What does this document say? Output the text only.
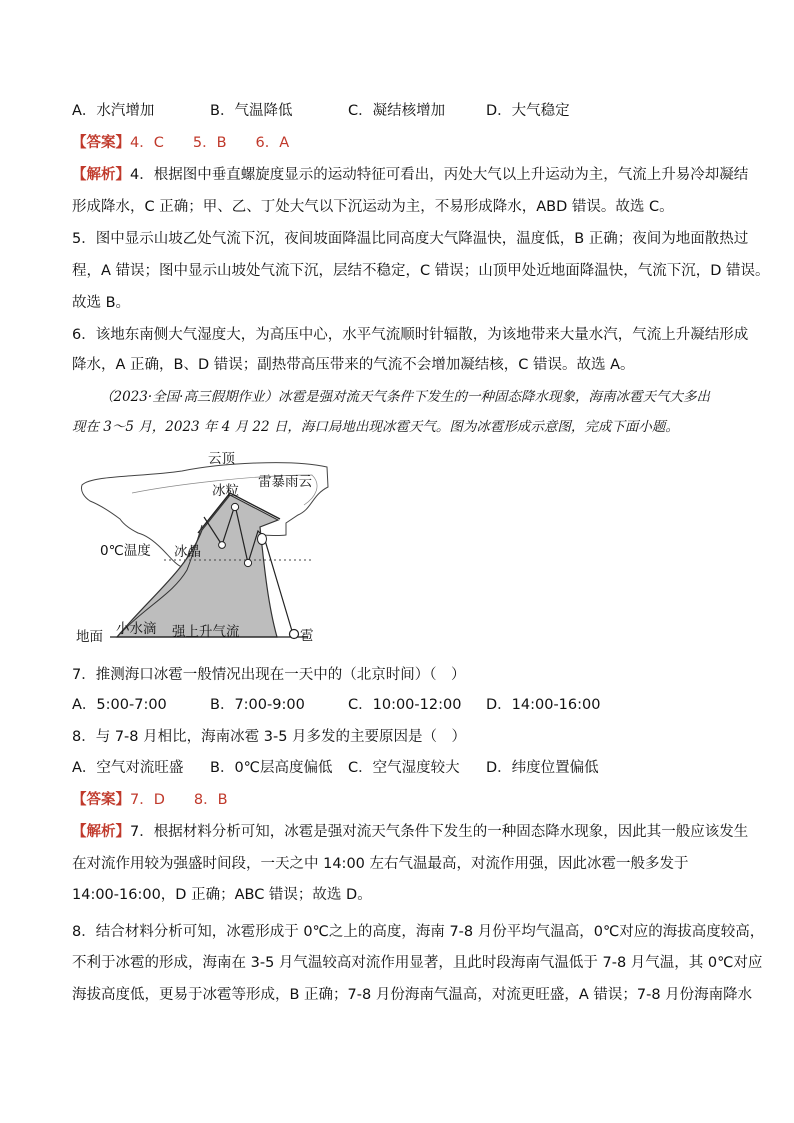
A．水汽增加	B．气温降低	C．凝结核增加	D．大气稳定
【答案】4．C　　5．B　　6．A
【解析】4．根据图中垂直螺旋度显示的运动特征可看出，丙处大气以上升运动为主，气流上升易冷却凝结
形成降水，C 正确；甲、乙、丁处大气以下沉运动为主，不易形成降水，ABD 错误。故选 C。
5．图中显示山坡乙处气流下沉，夜间坡面降温比同高度大气降温快，温度低，B 正确；夜间为地面散热过
程，A 错误；图中显示山坡处气流下沉，层结不稳定，C 错误；山顶甲处近地面降温快，气流下沉，D 错误。
故选 B。
6．该地东南侧大气湿度大，为高压中心，水平气流顺时针辐散，为该地带来大量水汽，气流上升凝结形成
降水，A 正确，B、D 错误；副热带高压带来的气流不会增加凝结核，C 错误。故选 A。
（2023·全国·高三假期作业）冰雹是强对流天气条件下发生的一种固态降水现象，海南冰雹天气大多出
现在 3～5 月，2023 年 4 月 22 日，海口局地出现冰雹天气。图为冰雹形成示意图，完成下面小题。
云顶
冰粒
雷暴雨云
0℃温度 冰晶
地面 小水滴 强上升气流	雹
7．推测海口冰雹一般情况出现在一天中的（北京时间）（　）
A．5:00-7:00	B．7:00-9:00	C．10:00-12:00 D．14:00-16:00
8．与 7-8 月相比，海南冰雹 3-5 月多发的主要原因是（　）
A．空气对流旺盛 B．0℃层高度偏低 C．空气湿度较大 D．纬度位置偏低
【答案】7．D　　8．B
【解析】7．根据材料分析可知，冰雹是强对流天气条件下发生的一种固态降水现象，因此其一般应该发生
在对流作用较为强盛时间段，一天之中 14:00 左右气温最高，对流作用强，因此冰雹一般多发于
14:00-16:00，D 正确；ABC 错误；故选 D。
8．结合材料分析可知，冰雹形成于 0℃之上的高度，海南 7-8 月份平均气温高，0℃对应的海拔高度较高，
不利于冰雹的形成，海南在 3-5 月气温较高对流作用显著，且此时段海南气温低于 7-8 月气温，其 0℃对应
海拔高度低，更易于冰雹等形成，B 正确；7-8 月份海南气温高，对流更旺盛，A 错误；7-8 月份海南降水
